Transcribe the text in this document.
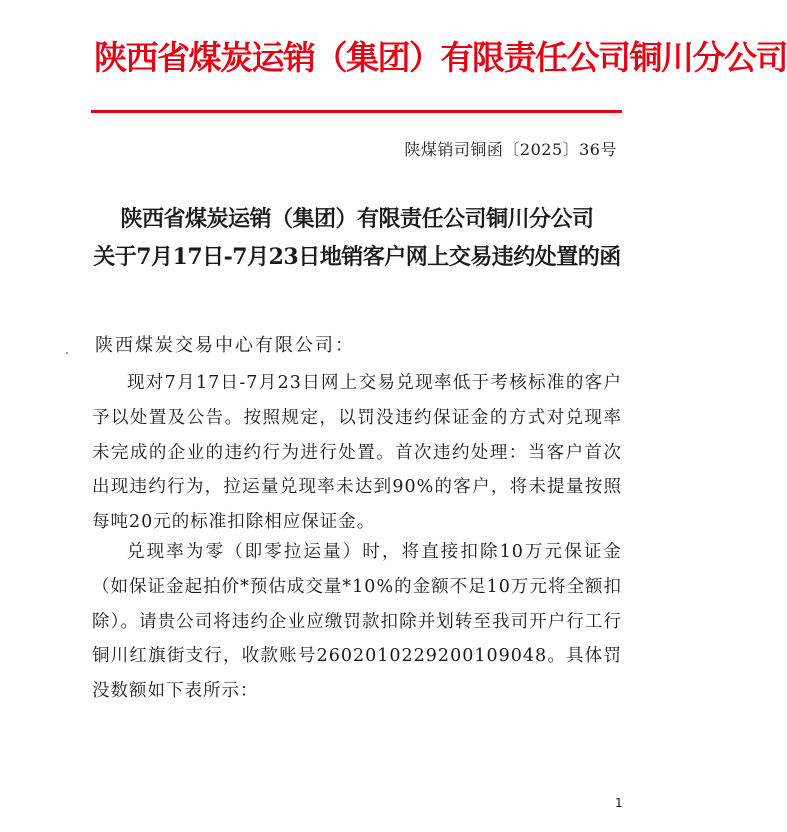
陕西省煤炭运销（集团）有限责任公司铜川分公司
陕煤销司铜函〔2025〕36号
陕西省煤炭运销（集团）有限责任公司铜川分公司
关于7月17日-7月23日地销客户网上交易违约处置的函
陕西煤炭交易中心有限公司：
现对7月17日-7月23日网上交易兑现率低于考核标准的客户予以处置及公告。按照规定，以罚没违约保证金的方式对兑现率未完成的企业的违约行为进行处置。首次违约处理：当客户首次出现违约行为，拉运量兑现率未达到90%的客户，将未提量按照每吨20元的标准扣除相应保证金。
兑现率为零（即零拉运量）时，将直接扣除10万元保证金（如保证金起拍价*预估成交量*10%的金额不足10万元将全额扣除）。请贵公司将违约企业应缴罚款扣除并划转至我司开户行工行铜川红旗街支行，收款账号2602010229200109048。具体罚没数额如下表所示：
1
